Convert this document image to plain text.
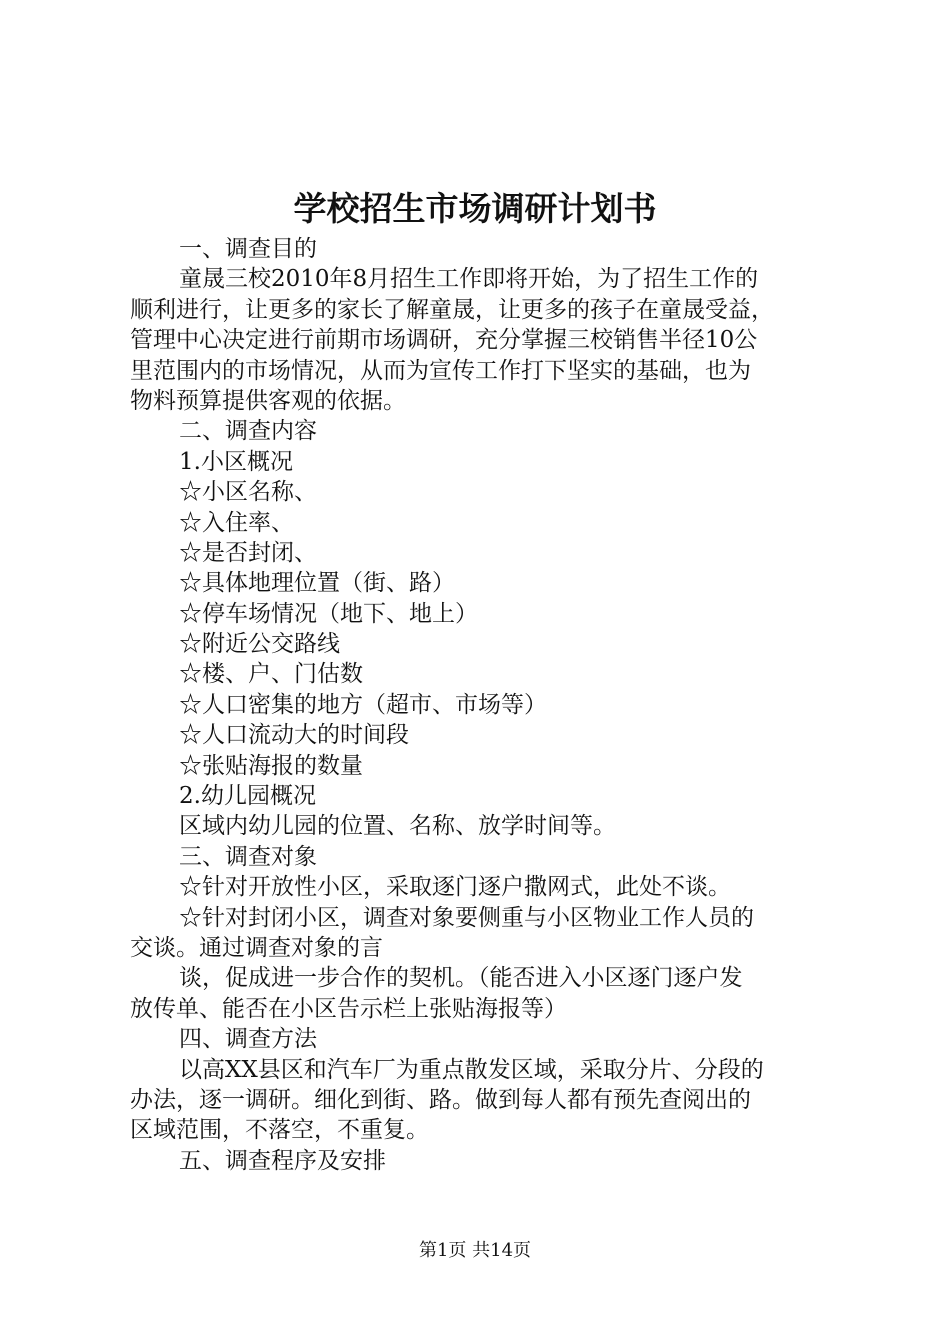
学校招生市场调研计划书
一、调查目的
童晟三校2010年8月招生工作即将开始，为了招生工作的
顺利进行，让更多的家长了解童晟，让更多的孩子在童晟受益，
管理中心决定进行前期市场调研，充分掌握三校销售半径10公
里范围内的市场情况，从而为宣传工作打下坚实的基础，也为
物料预算提供客观的依据。
二、调查内容
1.小区概况
☆小区名称、
☆入住率、
☆是否封闭、
☆具体地理位置（街、路）
☆停车场情况（地下、地上）
☆附近公交路线
☆楼、户、门估数
☆人口密集的地方（超市、市场等）
☆人口流动大的时间段
☆张贴海报的数量
2.幼儿园概况
区域内幼儿园的位置、名称、放学时间等。
三、调查对象
☆针对开放性小区，采取逐门逐户撒网式，此处不谈。
☆针对封闭小区，调查对象要侧重与小区物业工作人员的
交谈。通过调查对象的言
谈，促成进一步合作的契机。（能否进入小区逐门逐户发
放传单、能否在小区告示栏上张贴海报等）
四、调查方法
以高XX县区和汽车厂为重点散发区域，采取分片、分段的
办法，逐一调研。细化到街、路。做到每人都有预先查阅出的
区域范围，不落空，不重复。
五、调查程序及安排
第1页 共14页
